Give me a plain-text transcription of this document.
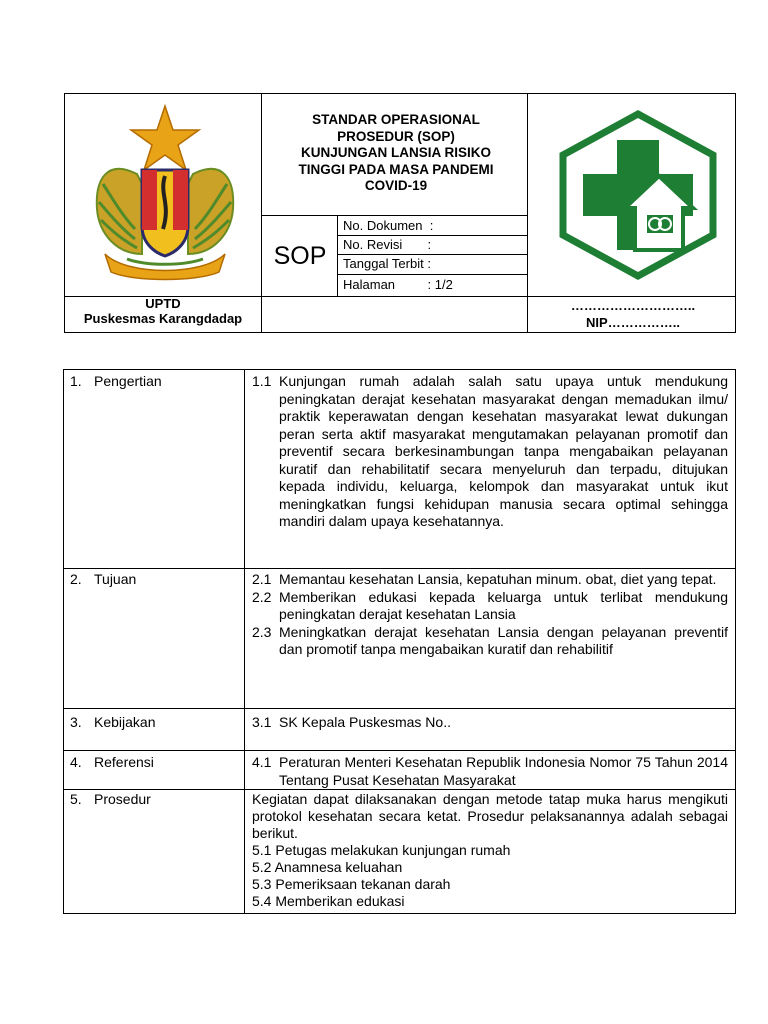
STANDAR OPERASIONAL
PROSEDUR (SOP)
KUNJUNGAN LANSIA RISIKO
TINGGI PADA MASA PANDEMI
COVID-19
SOP
No. Dokumen  :
No. Revisi       :
Tanggal Terbit :
Halaman         : 1/2
UPTD
Puskesmas Karangdadap
………………………..
NIP……………..
1. Pengertian	1.1 Kunjungan rumah adalah salah satu upaya untuk mendukung peningkatan derajat kesehatan masyarakat dengan memadukan ilmu/ praktik keperawatan dengan kesehatan masyarakat lewat dukungan peran serta aktif masyarakat mengutamakan pelayanan promotif dan preventif secara berkesinambungan tanpa mengabaikan pelayanan kuratif dan rehabilitatif secara menyeluruh dan terpadu, ditujukan kepada individu, keluarga, kelompok dan masyarakat untuk ikut meningkatkan fungsi kehidupan manusia secara optimal sehingga mandiri dalam upaya kesehatannya.
2. Tujuan	2.1 Memantau kesehatan Lansia, kepatuhan minum. obat, diet yang tepat.
2.2 Memberikan edukasi kepada keluarga untuk terlibat mendukung peningkatan derajat kesehatan Lansia
2.3 Meningkatkan derajat kesehatan Lansia dengan pelayanan preventif dan promotif tanpa mengabaikan kuratif dan rehabilitif
3. Kebijakan	3.1 SK Kepala Puskesmas No..
4. Referensi	4.1 Peraturan Menteri Kesehatan Republik Indonesia Nomor 75 Tahun 2014 Tentang Pusat Kesehatan Masyarakat
5. Prosedur	Kegiatan dapat dilaksanakan dengan metode tatap muka harus mengikuti protokol kesehatan secara ketat. Prosedur pelaksanannya adalah sebagai berikut.

5.1 Petugas melakukan kunjungan rumah

5.2 Anamnesa keluahan

5.3 Pemeriksaan tekanan darah

5.4 Memberikan edukasi
